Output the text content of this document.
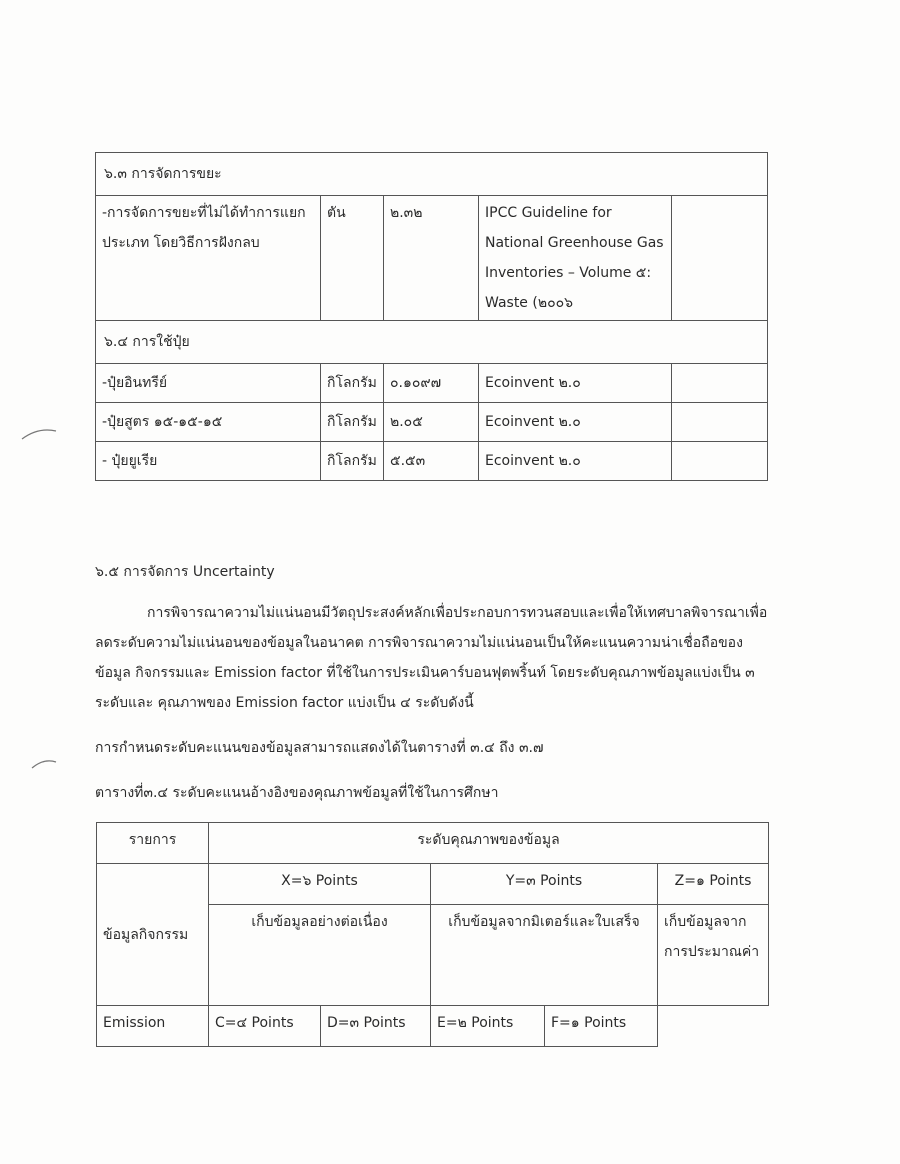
๖.๓ การจัดการขยะ				
-การจัดการขยะที่ไม่ได้ทำการแยกประเภท โดยวิธีการฝังกลบ	ตัน	๒.๓๒	IPCC Guideline for National Greenhouse Gas Inventories – Volume ๕: Waste (๒๐๐๖	
๖.๔ การใช้ปุ๋ย				
-ปุ๋ยอินทรีย์	กิโลกรัม	๐.๑๐๙๗	Ecoinvent ๒.๐	
-ปุ๋ยสูตร ๑๕-๑๕-๑๕	กิโลกรัม	๒.๐๕	Ecoinvent ๒.๐	
- ปุ๋ยยูเรีย	กิโลกรัม	๕.๕๓	Ecoinvent ๒.๐	
๖.๕ การจัดการ Uncertainty
การพิจารณาความไม่แน่นอนมีวัตถุประสงค์หลักเพื่อประกอบการทวนสอบและเพื่อให้เทศบาลพิจารณาเพื่อ ลดระดับความไม่แน่นอนของข้อมูลในอนาคต การพิจารณาความไม่แน่นอนเป็นให้คะแนนความน่าเชื่อถือของข้อมูล กิจกรรมและ Emission factor ที่ใช้ในการประเมินคาร์บอนฟุตพริ้นท์ โดยระดับคุณภาพข้อมูลแบ่งเป็น ๓ ระดับและ คุณภาพของ Emission factor แบ่งเป็น ๔ ระดับดังนี้
การกำหนดระดับคะแนนของข้อมูลสามารถแสดงได้ในตารางที่ ๓.๔ ถึง ๓.๗
ตารางที่๓.๔ ระดับคะแนนอ้างอิงของคุณภาพข้อมูลที่ใช้ในการศึกษา
รายการ	ระดับคุณภาพของข้อมูล				
ข้อมูลกิจกรรม	X=๖ Points		Y=๓ Points		Z=๑ Points
	เก็บข้อมูลอย่างต่อเนื่อง		เก็บข้อมูลจากมิเตอร์และใบเสร็จ		เก็บข้อมูลจากการประมาณค่า
Emission	C=๔ Points	D=๓ Points	E=๒ Points	F=๑ Points	
